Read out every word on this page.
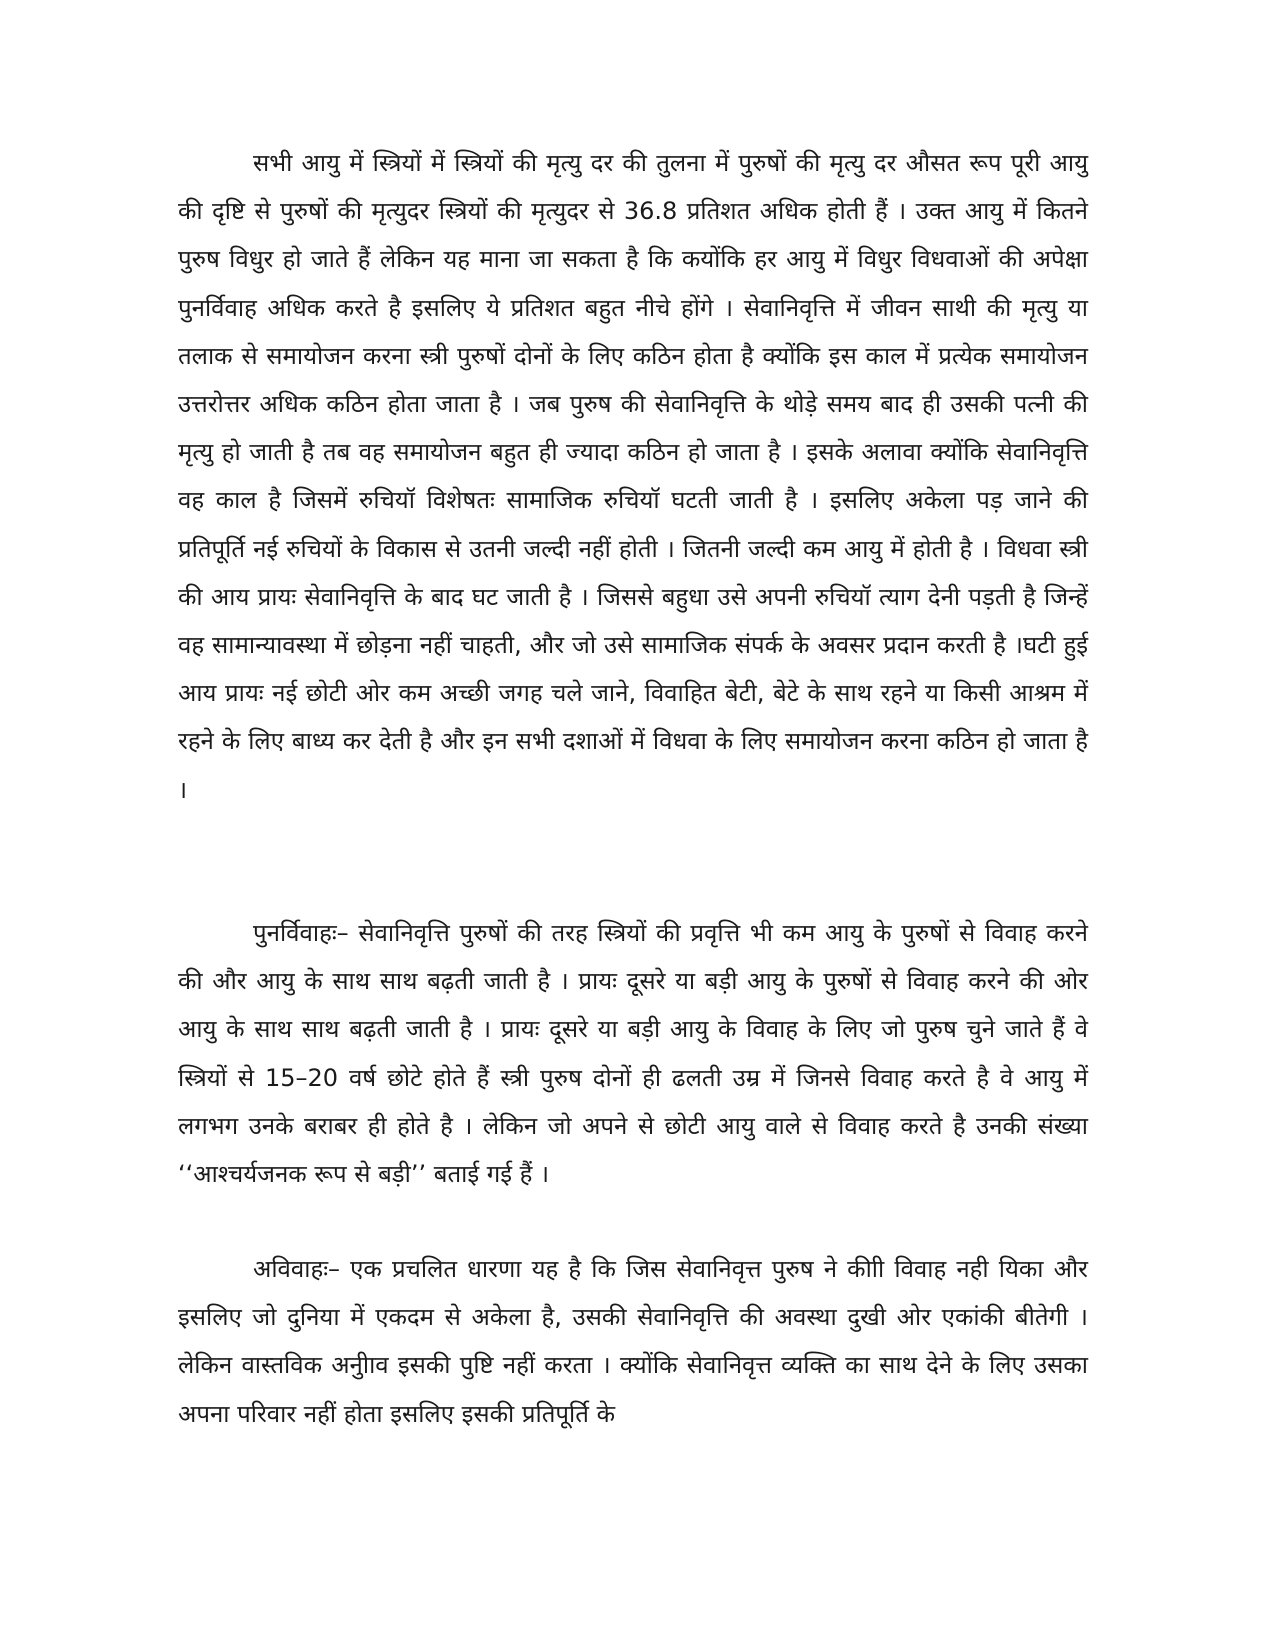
सभी आयु में स्त्रियों में स्त्रियों की मृत्यु दर की तुलना में पुरुषों की मृत्यु दर औसत रूप पूरी आयु की दृष्टि से पुरुषों की मृत्युदर स्त्रियों की मृत्युदर से 36.8 प्रतिशत अधिक होती हैं । उक्त आयु में कितने पुरुष विधुर हो जाते हैं लेकिन यह माना जा सकता है कि कयोंकि हर आयु में विधुर विधवाओं की अपेक्षा पुनर्विवाह अधिक करते है इसलिए ये प्रतिशत बहुत नीचे होंगे । सेवानिवृत्ति में जीवन साथी की मृत्यु या तलाक से समायोजन करना स्त्री पुरुषों दोनों के लिए कठिन होता है क्योंकि इस काल में प्रत्येक समायोजन उत्तरोत्तर अधिक कठिन होता जाता है । जब पुरुष की सेवानिवृत्ति के थोड़े समय बाद ही उसकी पत्नी की मृत्यु हो जाती है तब वह समायोजन बहुत ही ज्यादा कठिन हो जाता है । इसके अलावा क्योंकि सेवानिवृत्ति वह काल है जिसमें रुचियॉ विशेषतः सामाजिक रुचियॉ घटती जाती है । इसलिए अकेला पड़ जाने की प्रतिपूर्ति नई रुचियों के विकास से उतनी जल्दी नहीं होती । जितनी जल्दी कम आयु में होती है । विधवा स्त्री की आय प्रायः सेवानिवृत्ति के बाद घट जाती है । जिससे बहुधा उसे अपनी रुचियॉ त्याग देनी पड़ती है जिन्हें वह सामान्यावस्था में छोड़ना नहीं चाहती, और जो उसे सामाजिक संपर्क के अवसर प्रदान करती है ।घटी हुई आय प्रायः नई छोटी ओर कम अच्छी जगह चले जाने, विवाहित बेटी, बेटे के साथ रहने या किसी आश्रम में रहने के लिए बाध्य कर देती है और इन सभी दशाओं में विधवा के लिए समायोजन करना कठिन हो जाता है ।

पुनर्विवाहः– सेवानिवृत्ति पुरुषों की तरह स्त्रियों की प्रवृत्ति भी कम आयु के पुरुषों से विवाह करने की और आयु के साथ साथ बढ़ती जाती है । प्रायः दूसरे या बड़ी आयु के पुरुषों से विवाह करने की ओर आयु के साथ साथ बढ़ती जाती है । प्रायः दूसरे या बड़ी आयु के विवाह के लिए जो पुरुष चुने जाते हैं वे स्त्रियों से 15–20 वर्ष छोटे होते हैं स्त्री पुरुष दोनों ही ढलती उम्र में जिनसे विवाह करते है वे आयु में लगभग उनके बराबर ही होते है । लेकिन जो अपने से छोटी आयु वाले से विवाह करते है उनकी संख्या ‘‘आश्चर्यजनक रूप से बड़ी’’ बताई गई हैं ।

अविवाहः– एक प्रचलित धारणा यह है कि जिस सेवानिवृत्त पुरुष ने कीाी विवाह नही यिका और इसलिए जो दुनिया में एकदम से अकेला है, उसकी सेवानिवृत्ति की अवस्था दुखी ओर एकांकी बीतेगी । लेकिन वास्तविक अनुीाव इसकी पुष्टि नहीं करता । क्योंकि सेवानिवृत्त व्यक्ति का साथ देने के लिए उसका अपना परिवार नहीं होता इसलिए इसकी प्रतिपूर्ति के
